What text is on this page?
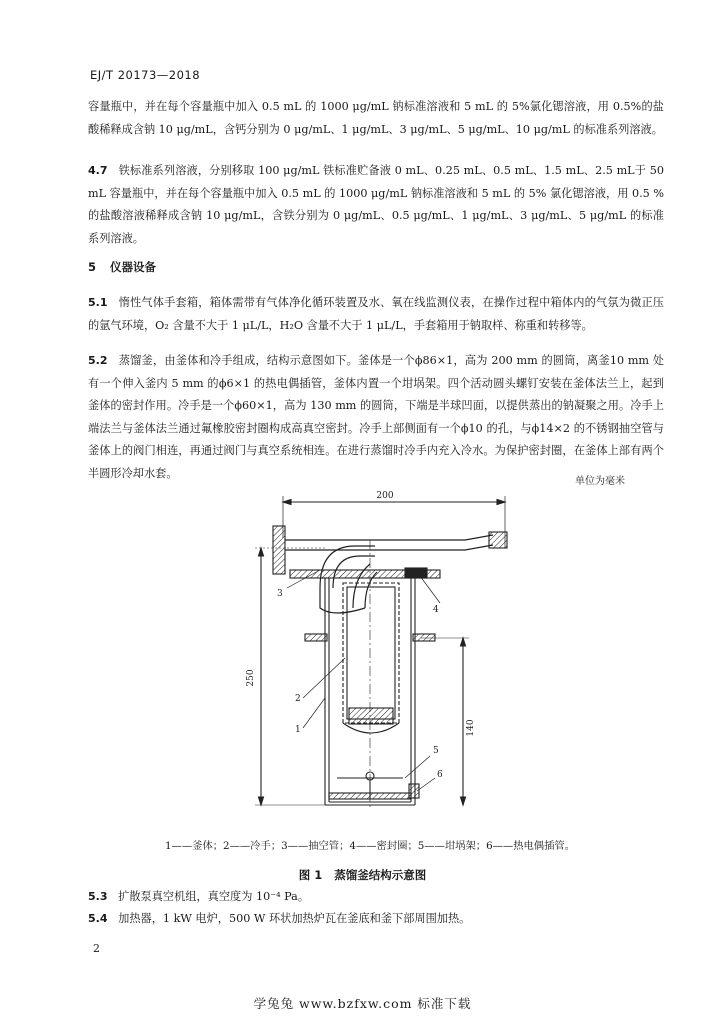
EJ/T 20173—2018
容量瓶中，并在每个容量瓶中加入 0.5 mL 的 1000 μg/mL 钠标准溶液和 5 mL 的 5%氯化锶溶液，用 0.5%的盐酸稀释成含钠 10 μg/mL，含钙分别为 0 μg/mL、1 μg/mL、3 μg/mL、5 μg/mL、10 μg/mL 的标准系列溶液。
4.7 铁标准系列溶液，分别移取 100 μg/mL 铁标准贮备液 0 mL、0.25 mL、0.5 mL、1.5 mL、2.5 mL于 50 mL 容量瓶中，并在每个容量瓶中加入 0.5 mL 的 1000 μg/mL 钠标准溶液和 5 mL 的 5% 氯化锶溶液，用 0.5 %的盐酸溶液稀释成含钠 10 μg/mL，含铁分别为 0 μg/mL、0.5 μg/mL、1 μg/mL、3 μg/mL、5 μg/mL 的标准系列溶液。
5 仪器设备
5.1 惰性气体手套箱，箱体需带有气体净化循环装置及水、氧在线监测仪表，在操作过程中箱体内的气氛为微正压的氩气环境，O₂ 含量不大于 1 μL/L，H₂O 含量不大于 1 μL/L，手套箱用于钠取样、称重和转移等。
5.2 蒸馏釜，由釜体和冷手组成，结构示意图如下。釜体是一个ϕ86×1，高为 200 mm 的圆筒，离釜10 mm 处有一个伸入釜内 5 mm 的ϕ6×1 的热电偶插管，釜体内置一个坩埚架。四个活动圆头螺钉安装在釜体法兰上，起到釜体的密封作用。冷手是一个ϕ60×1，高为 130 mm 的圆筒，下端是半球凹面，以提供蒸出的钠凝聚之用。冷手上端法兰与釜体法兰通过氟橡胶密封圈构成高真空密封。冷手上部侧面有一个ϕ10 的孔，与ϕ14×2 的不锈钢抽空管与釜体上的阀门相连，再通过阀门与真空系统相连。在进行蒸馏时冷手内充入冷水。为保护密封圈，在釜体上部有两个半圆形冷却水套。
单位为毫米
200
250
140
3
4
2
1
5
6
1——釜体；2——冷手；3——抽空管；4——密封圈；5——坩埚架；6——热电偶插管。
图 1 蒸馏釜结构示意图
5.3 扩散泵真空机组，真空度为 10⁻⁴ Pa。
5.4 加热器，1 kW 电炉，500 W 环状加热炉瓦在釜底和釜下部周围加热。
2
学兔兔 www.bzfxw.com 标准下载
